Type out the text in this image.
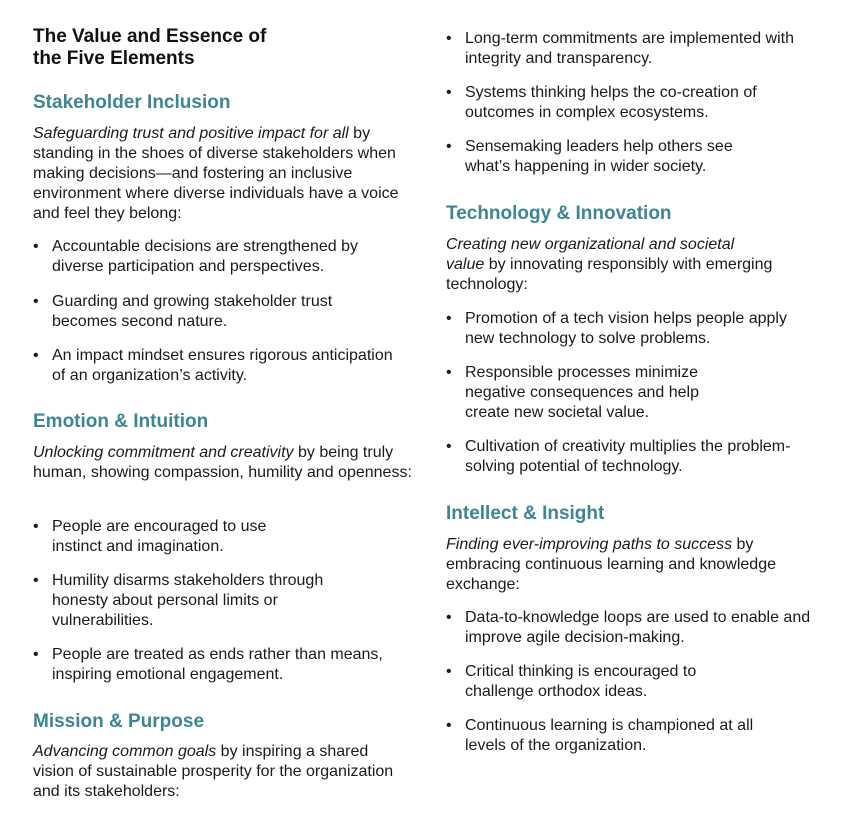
The Value and Essence of
the Five Elements
Stakeholder Inclusion

Safeguarding trust and positive impact for all by standing in the shoes of diverse stakeholders when making decisions—and fostering an inclusive environment where diverse individuals have a voice and feel they belong:

• Accountable decisions are strengthened by diverse participation and perspectives.
• Guarding and growing stakeholder trust becomes second nature.
• An impact mindset ensures rigorous anticipation of an organization’s activity.
Emotion & Intuition

Unlocking commitment and creativity by being truly human, showing compassion, humility and openness:

• People are encouraged to use instinct and imagination.
• Humility disarms stakeholders through honesty about personal limits or vulnerabilities.
• People are treated as ends rather than means, inspiring emotional engagement.
Mission & Purpose

Advancing common goals by inspiring a shared vision of sustainable prosperity for the organization and its stakeholders:

• Long-term commitments are implemented with integrity and transparency.
• Systems thinking helps the co-creation of outcomes in complex ecosystems.
• Sensemaking leaders help others see what’s happening in wider society.
Technology & Innovation

Creating new organizational and societal value by innovating responsibly with emerging technology:

• Promotion of a tech vision helps people apply new technology to solve problems.
• Responsible processes minimize negative consequences and help create new societal value.
• Cultivation of creativity multiplies the problem-solving potential of technology.
Intellect & Insight

Finding ever-improving paths to success by embracing continuous learning and knowledge exchange:

• Data-to-knowledge loops are used to enable and improve agile decision-making.
• Critical thinking is encouraged to challenge orthodox ideas.
• Continuous learning is championed at all levels of the organization.
